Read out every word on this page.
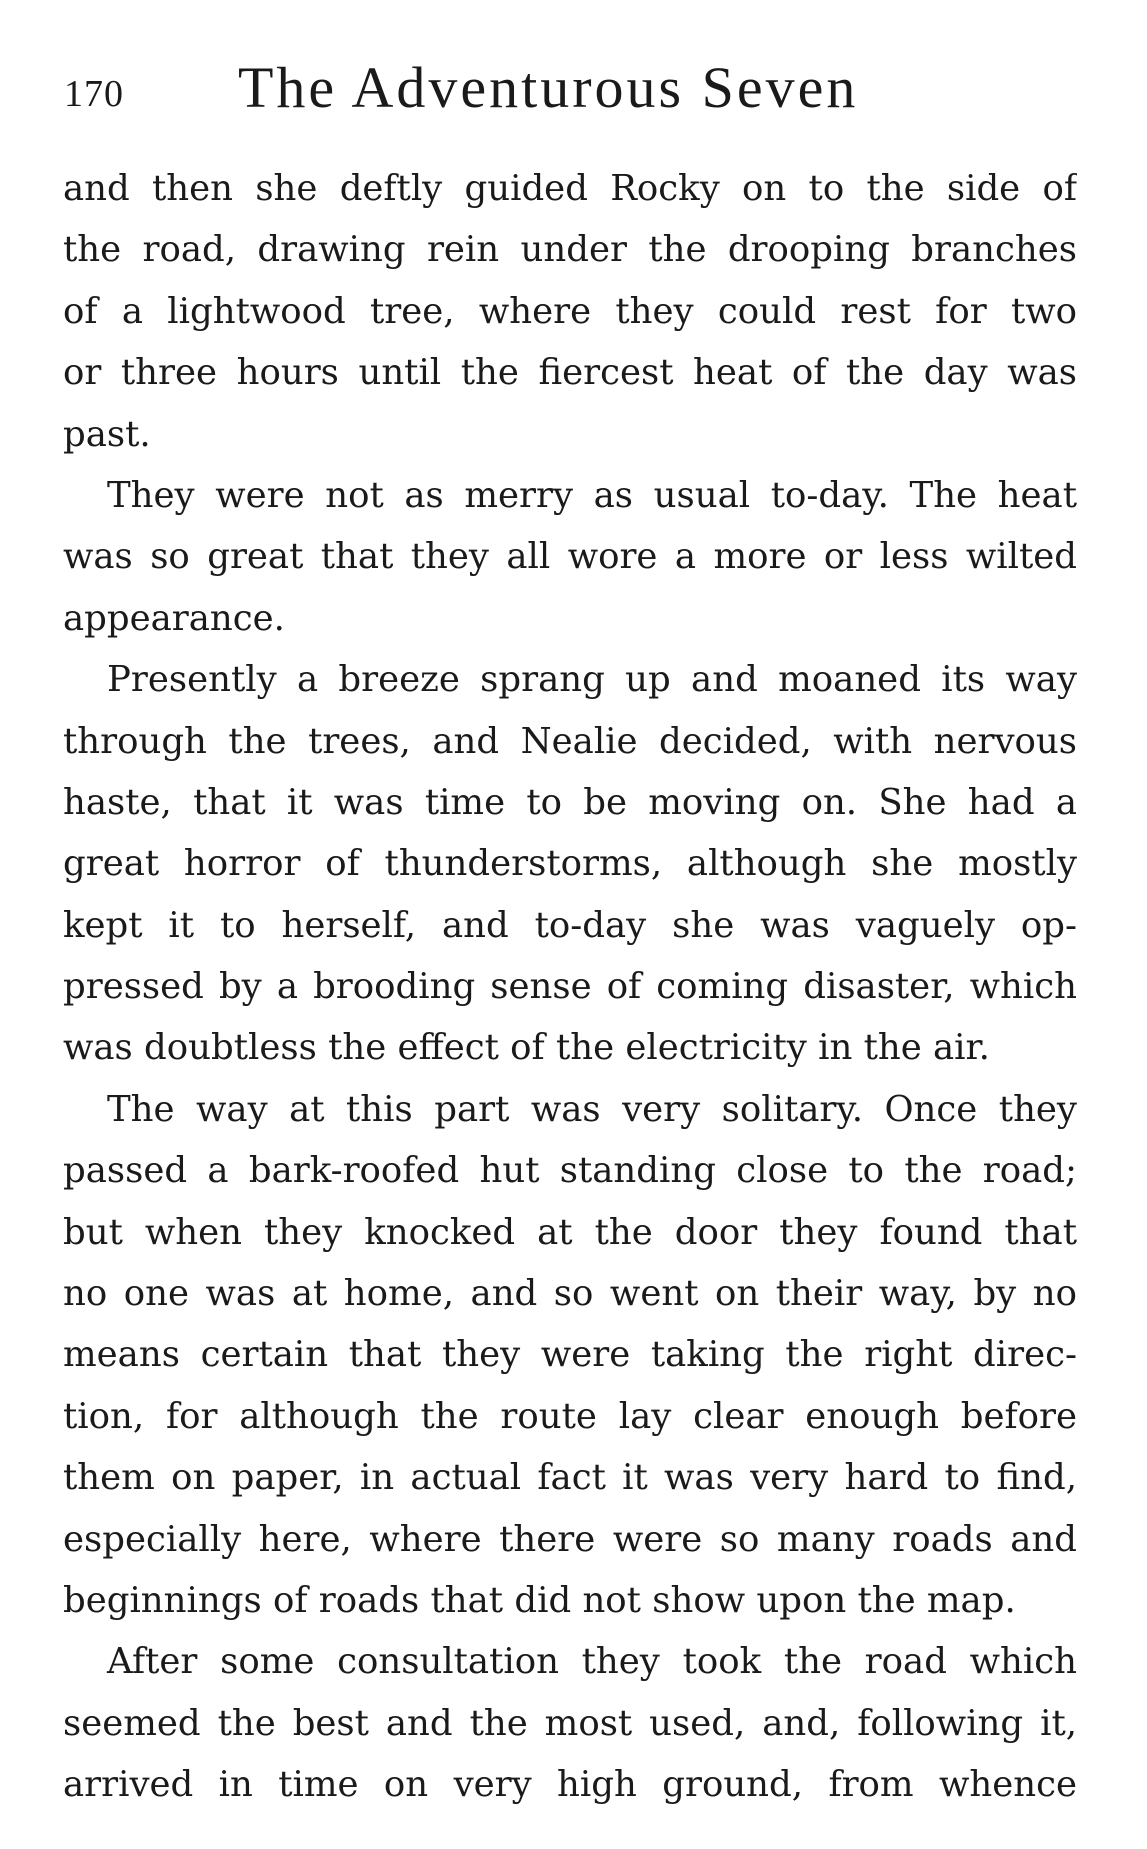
170 The Adventurous Seven
and then she deftly guided Rocky on to the side of
the road, drawing rein under the drooping branches
of a lightwood tree, where they could rest for two
or three hours until the fiercest heat of the day was
past.
They were not as merry as usual to-day. The heat
was so great that they all wore a more or less wilted
appearance.
Presently a breeze sprang up and moaned its way
through the trees, and Nealie decided, with nervous
haste, that it was time to be moving on. She had a
great horror of thunderstorms, although she mostly
kept it to herself, and to-day she was vaguely op-
pressed by a brooding sense of coming disaster, which
was doubtless the effect of the electricity in the air.
The way at this part was very solitary. Once they
passed a bark-roofed hut standing close to the road;
but when they knocked at the door they found that
no one was at home, and so went on their way, by no
means certain that they were taking the right direc-
tion, for although the route lay clear enough before
them on paper, in actual fact it was very hard to find,
especially here, where there were so many roads and
beginnings of roads that did not show upon the map.
After some consultation they took the road which
seemed the best and the most used, and, following it,
arrived in time on very high ground, from whence
